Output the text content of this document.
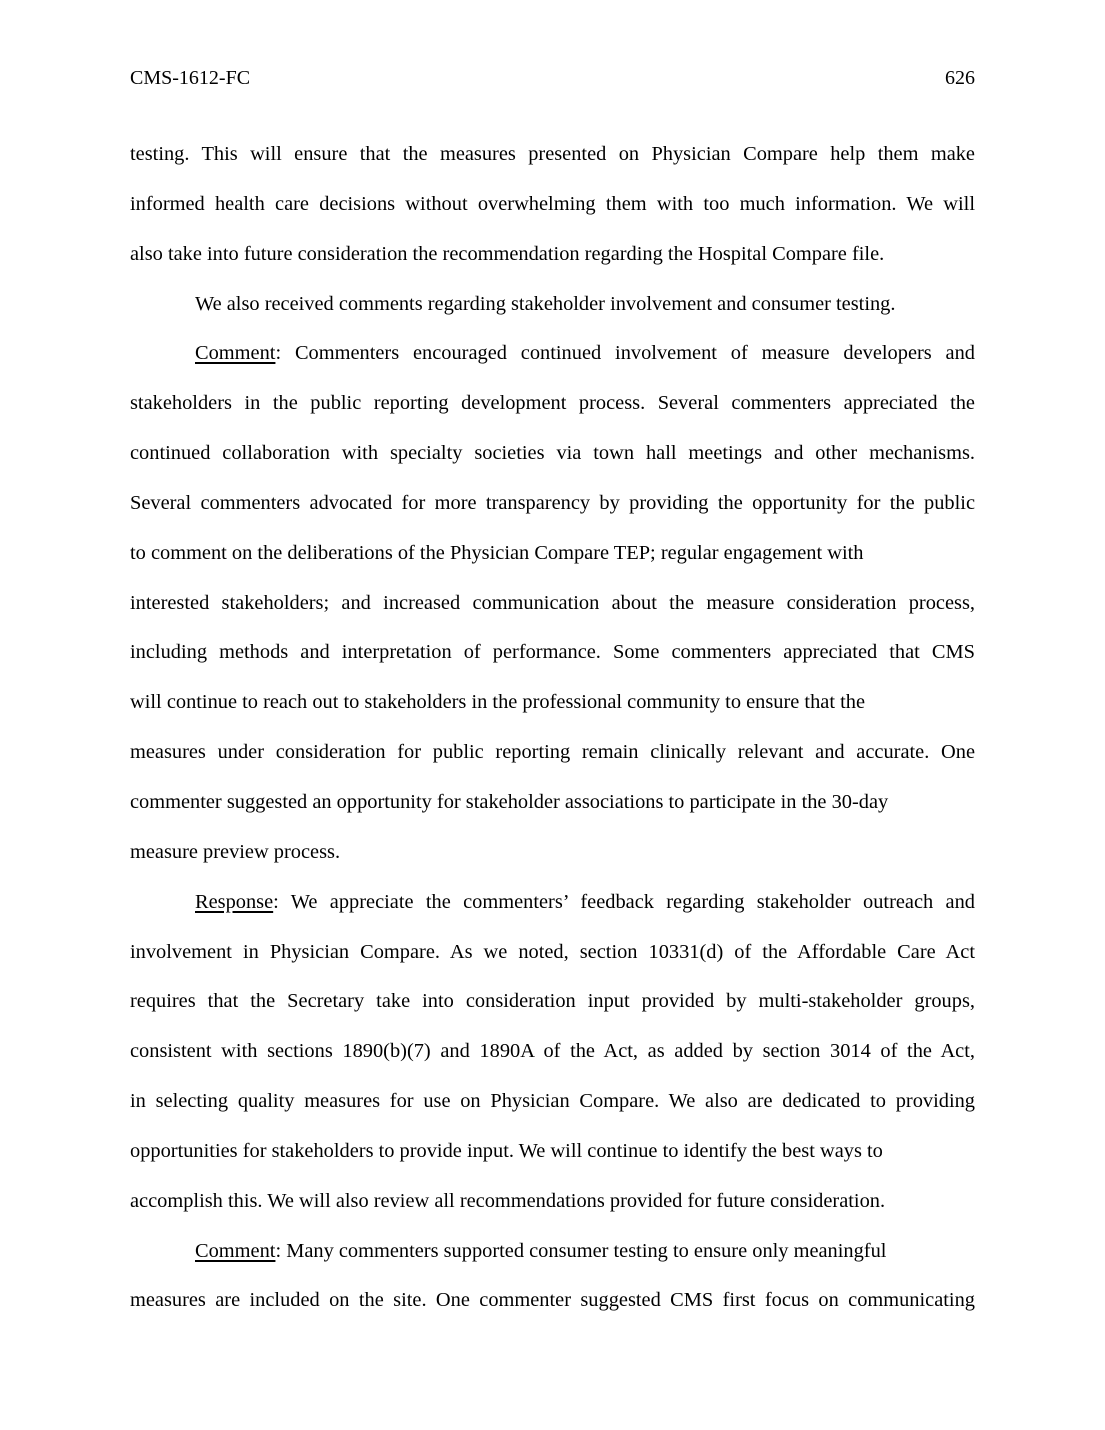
CMS-1612-FC	626
testing. This will ensure that the measures presented on Physician Compare help them make
informed health care decisions without overwhelming them with too much information. We will
also take into future consideration the recommendation regarding the Hospital Compare file.
We also received comments regarding stakeholder involvement and consumer testing.
Comment: Commenters encouraged continued involvement of measure developers and
stakeholders in the public reporting development process. Several commenters appreciated the
continued collaboration with specialty societies via town hall meetings and other mechanisms.
Several commenters advocated for more transparency by providing the opportunity for the public
to comment on the deliberations of the Physician Compare TEP; regular engagement with
interested stakeholders; and increased communication about the measure consideration process,
including methods and interpretation of performance. Some commenters appreciated that CMS
will continue to reach out to stakeholders in the professional community to ensure that the
measures under consideration for public reporting remain clinically relevant and accurate. One
commenter suggested an opportunity for stakeholder associations to participate in the 30-day
measure preview process.
Response: We appreciate the commenters’ feedback regarding stakeholder outreach and
involvement in Physician Compare. As we noted, section 10331(d) of the Affordable Care Act
requires that the Secretary take into consideration input provided by multi-stakeholder groups,
consistent with sections 1890(b)(7) and 1890A of the Act, as added by section 3014 of the Act,
in selecting quality measures for use on Physician Compare. We also are dedicated to providing
opportunities for stakeholders to provide input. We will continue to identify the best ways to
accomplish this. We will also review all recommendations provided for future consideration.
Comment: Many commenters supported consumer testing to ensure only meaningful
measures are included on the site. One commenter suggested CMS first focus on communicating
